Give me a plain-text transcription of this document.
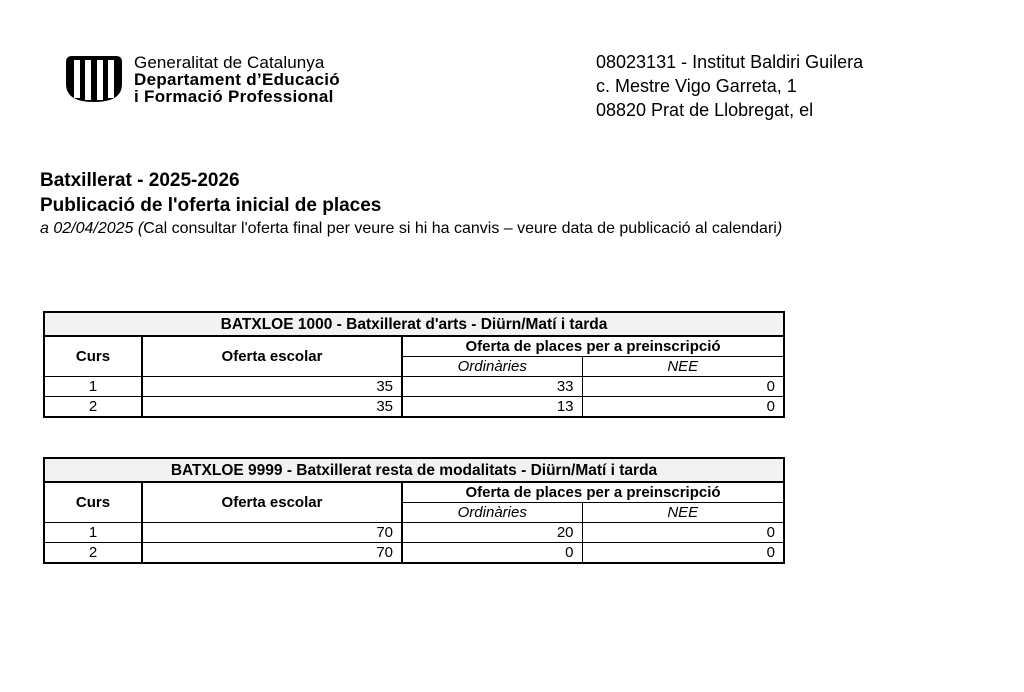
Generalitat de Catalunya
Departament d’Educació
i Formació Professional
08023131 - Institut Baldiri Guilera
c. Mestre Vigo Garreta, 1
08820 Prat de Llobregat, el
Batxillerat - 2025-2026
Publicació de l'oferta inicial de places
a 02/04/2025 (Cal consultar l'oferta final per veure si hi ha canvis – veure data de publicació al calendari)
BATXLOE 1000 - Batxillerat d'arts - Diürn/Matí i tarda			
Curs	Oferta escolar	Oferta de places per a preinscripció	
		Ordinàries	NEE
1	35	33	0
2	35	13	0
BATXLOE 9999 - Batxillerat resta de modalitats - Diürn/Matí i tarda			
Curs	Oferta escolar	Oferta de places per a preinscripció	
		Ordinàries	NEE
1	70	20	0
2	70	0	0
